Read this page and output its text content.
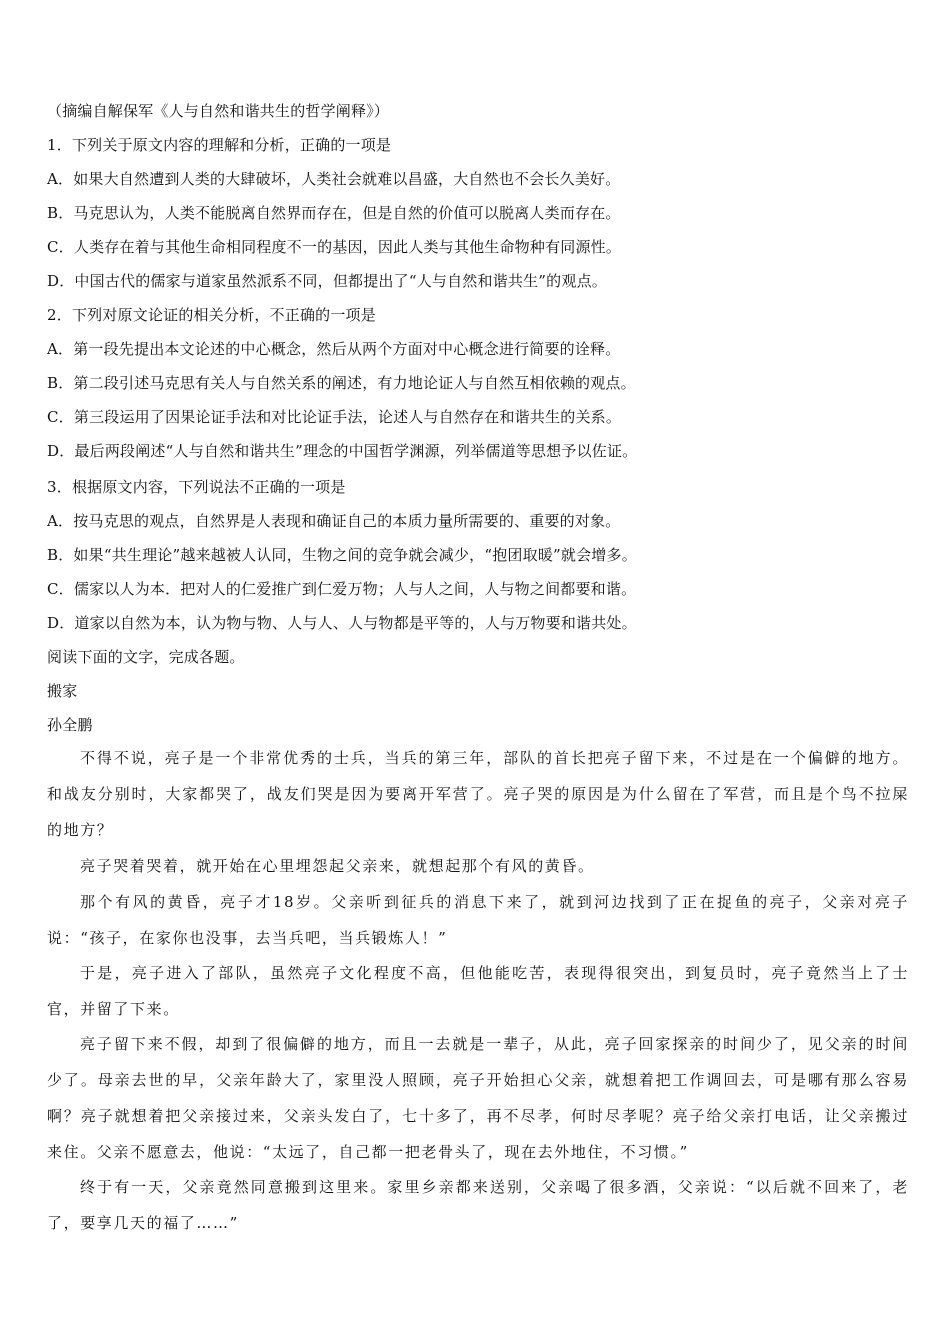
（摘编自解保军《人与自然和谐共生的哲学阐释》）
1．下列关于原文内容的理解和分析，正确的一项是
A．如果大自然遭到人类的大肆破坏，人类社会就难以昌盛，大自然也不会长久美好。
B．马克思认为，人类不能脱离自然界而存在，但是自然的价值可以脱离人类而存在。
C．人类存在着与其他生命相同程度不一的基因，因此人类与其他生命物种有同源性。
D．中国古代的儒家与道家虽然派系不同，但都提出了“人与自然和谐共生”的观点。
2．下列对原文论证的相关分析，不正确的一项是
A．第一段先提出本文论述的中心概念，然后从两个方面对中心概念进行简要的诠释。
B．第二段引述马克思有关人与自然关系的阐述，有力地论证人与自然互相依赖的观点。
C．第三段运用了因果论证手法和对比论证手法，论述人与自然存在和谐共生的关系。
D．最后两段阐述“人与自然和谐共生”理念的中国哲学渊源，列举儒道等思想予以佐证。
3．根据原文内容，下列说法不正确的一项是
A．按马克思的观点，自然界是人表现和确证自己的本质力量所需要的、重要的对象。
B．如果“共生理论”越来越被人认同，生物之间的竞争就会减少，“抱团取暖”就会增多。
C．儒家以人为本．把对人的仁爱推广到仁爱万物；人与人之间，人与物之间都要和谐。
D．道家以自然为本，认为物与物、人与人、人与物都是平等的，人与万物要和谐共处。
阅读下面的文字，完成各题。
搬家
孙全鹏
不得不说，亮子是一个非常优秀的士兵，当兵的第三年，部队的首长把亮子留下来，不过是在一个偏僻的地方。和战友分别时，大家都哭了，战友们哭是因为要离开军营了。亮子哭的原因是为什么留在了军营，而且是个鸟不拉屎的地方？
亮子哭着哭着，就开始在心里埋怨起父亲来，就想起那个有风的黄昏。
那个有风的黄昏，亮子才18岁。父亲听到征兵的消息下来了，就到河边找到了正在捉鱼的亮子，父亲对亮子说：“孩子，在家你也没事，去当兵吧，当兵锻炼人！”
于是，亮子进入了部队，虽然亮子文化程度不高，但他能吃苦，表现得很突出，到复员时，亮子竟然当上了士官，并留了下来。
亮子留下来不假，却到了很偏僻的地方，而且一去就是一辈子，从此，亮子回家探亲的时间少了，见父亲的时间少了。母亲去世的早，父亲年龄大了，家里没人照顾，亮子开始担心父亲，就想着把工作调回去，可是哪有那么容易啊？亮子就想着把父亲接过来，父亲头发白了，七十多了，再不尽孝，何时尽孝呢？亮子给父亲打电话，让父亲搬过来住。父亲不愿意去，他说：“太远了，自己都一把老骨头了，现在去外地住，不习惯。”
终于有一天，父亲竟然同意搬到这里来。家里乡亲都来送别，父亲喝了很多酒，父亲说：“以后就不回来了，老了，要享几天的福了……”
